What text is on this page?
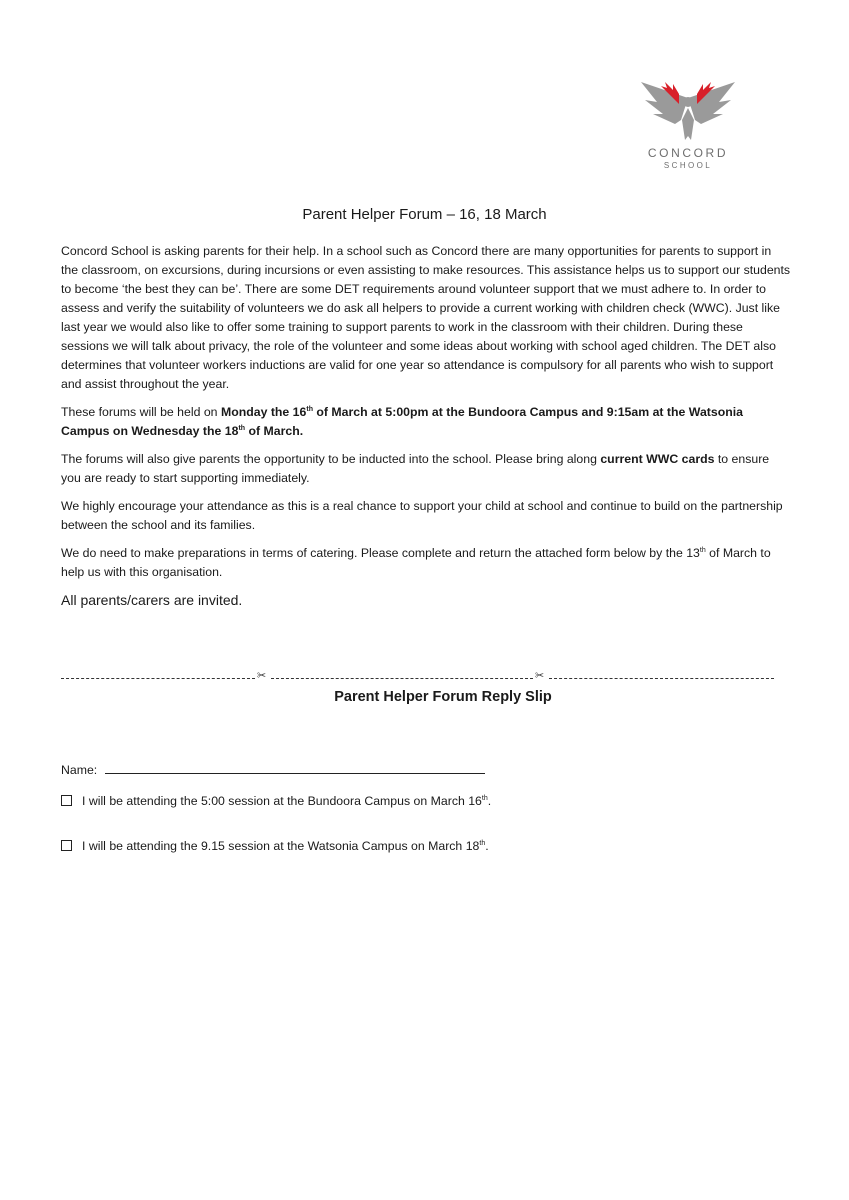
CONCORD
SCHOOL
Parent Helper Forum – 16, 18 March

Concord School is asking parents for their help. In a school such as Concord there are many opportunities for parents to support in the classroom, on excursions, during incursions or even assisting to make resources. This assistance helps us to support our students to become ‘the best they can be’. There are some DET requirements around volunteer support that we must adhere to. In order to assess and verify the suitability of volunteers we do ask all helpers to provide a current working with children check (WWC). Just like last year we would also like to offer some training to support parents to work in the classroom with their children. During these sessions we will talk about privacy, the role of the volunteer and some ideas about working with school aged children. The DET also determines that volunteer workers inductions are valid for one year so attendance is compulsory for all parents who wish to support and assist throughout the year.

These forums will be held on Monday the 16th of March at 5:00pm at the Bundoora Campus and 9:15am at the Watsonia Campus on Wednesday the 18th of March.

The forums will also give parents the opportunity to be inducted into the school. Please bring along current WWC cards to ensure you are ready to start supporting immediately.

We highly encourage your attendance as this is a real chance to support your child at school and continue to build on the partnership between the school and its families.

We do need to make preparations in terms of catering. Please complete and return the attached form below by the 13th of March to help us with this organisation.

All parents/carers are invited.

✂	✂
Parent Helper Forum Reply Slip
Name:
I will be attending the 5:00 session at the Bundoora Campus on March 16th.
I will be attending the 9.15 session at the Watsonia Campus on March 18th.
